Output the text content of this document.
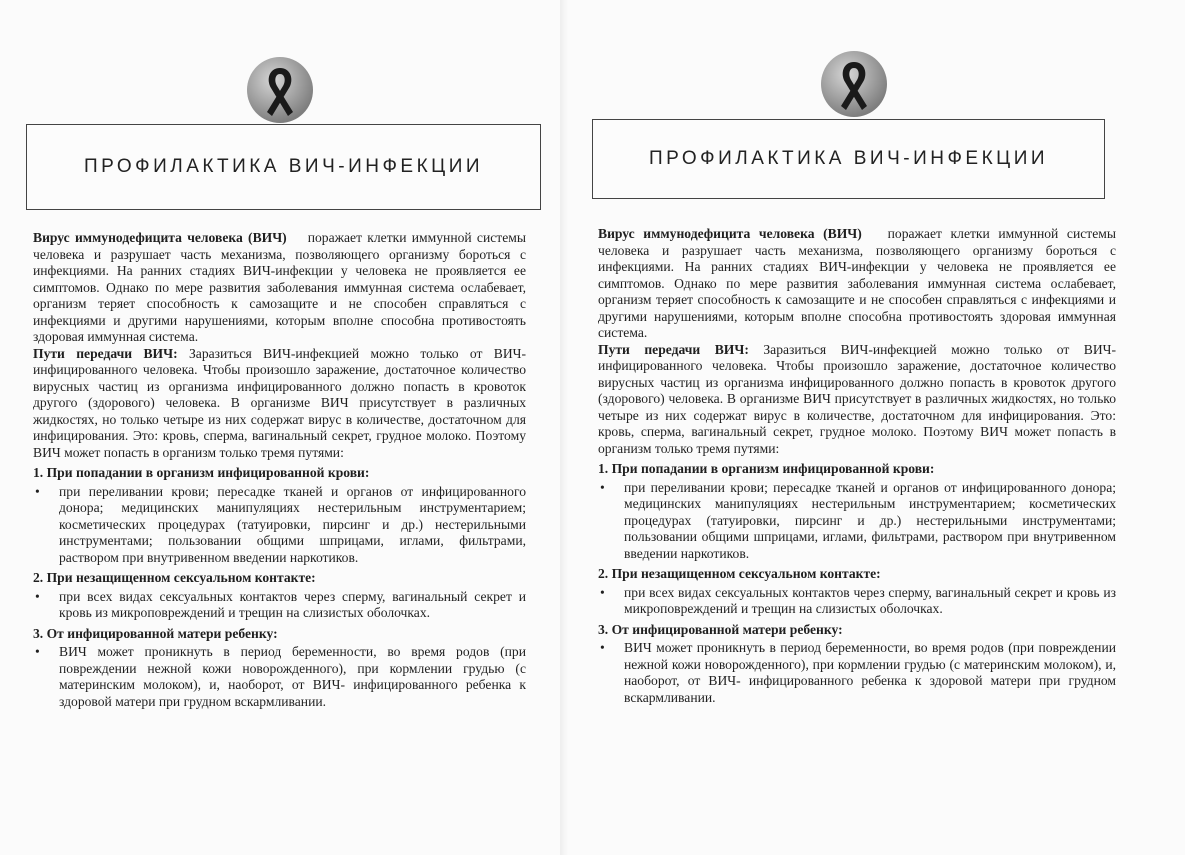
ПРОФИЛАКТИКА ВИЧ-ИНФЕКЦИИ

Вирус иммунодефицита человека (ВИЧ) поражает клетки иммунной системы человека и разрушает часть механизма, позволяющего организму бороться с инфекциями. На ранних стадиях ВИЧ-инфекции у человека не проявляется ее симптомов. Однако по мере развития заболевания иммунная система ослабевает, организм теряет способность к самозащите и не способен справляться с инфекциями и другими нарушениями, которым вполне способна противостоять здоровая иммунная система.

Пути передачи ВИЧ: Заразиться ВИЧ-инфекцией можно только от ВИЧ-инфицированного человека. Чтобы произошло заражение, достаточное количество вирусных частиц из организма инфицированного должно попасть в кровоток другого (здорового) человека. В организме ВИЧ присутствует в различных жидкостях, но только четыре из них содержат вирус в количестве, достаточном для инфицирования. Это: кровь, сперма, вагинальный секрет, грудное молоко. Поэтому ВИЧ может попасть в организм только тремя путями:

1. При попадании в организм инфицированной крови:
• при переливании крови; пересадке тканей и органов от инфицированного донора; медицинских манипуляциях нестерильным инструментарием; косметических процедурах (татуировки, пирсинг и др.) нестерильными инструментами; пользовании общими шприцами, иглами, фильтрами, раствором при внутривенном введении наркотиков.
2. При незащищенном сексуальном контакте:
• при всех видах сексуальных контактов через сперму, вагинальный секрет и кровь из микроповреждений и трещин на слизистых оболочках.
3. От инфицированной матери ребенку:
• ВИЧ может проникнуть в период беременности, во время родов (при повреждении нежной кожи новорожденного), при кормлении грудью (с материнским молоком), и, наоборот, от ВИЧ- инфицированного ребенка к здоровой матери при грудном вскармливании.
ПРОФИЛАКТИКА ВИЧ-ИНФЕКЦИИ

Вирус иммунодефицита человека (ВИЧ) поражает клетки иммунной системы человека и разрушает часть механизма, позволяющего организму бороться с инфекциями. На ранних стадиях ВИЧ-инфекции у человека не проявляется ее симптомов. Однако по мере развития заболевания иммунная система ослабевает, организм теряет способность к самозащите и не способен справляться с инфекциями и другими нарушениями, которым вполне способна противостоять здоровая иммунная система.

Пути передачи ВИЧ: Заразиться ВИЧ-инфекцией можно только от ВИЧ-инфицированного человека. Чтобы произошло заражение, достаточное количество вирусных частиц из организма инфицированного должно попасть в кровоток другого (здорового) человека. В организме ВИЧ присутствует в различных жидкостях, но только четыре из них содержат вирус в количестве, достаточном для инфицирования. Это: кровь, сперма, вагинальный секрет, грудное молоко. Поэтому ВИЧ может попасть в организм только тремя путями:

1. При попадании в организм инфицированной крови:
• при переливании крови; пересадке тканей и органов от инфицированного донора; медицинских манипуляциях нестерильным инструментарием; косметических процедурах (татуировки, пирсинг и др.) нестерильными инструментами; пользовании общими шприцами, иглами, фильтрами, раствором при внутривенном введении наркотиков.
2. При незащищенном сексуальном контакте:
• при всех видах сексуальных контактов через сперму, вагинальный секрет и кровь из микроповреждений и трещин на слизистых оболочках.
3. От инфицированной матери ребенку:
• ВИЧ может проникнуть в период беременности, во время родов (при повреждении нежной кожи новорожденного), при кормлении грудью (с материнским молоком), и, наоборот, от ВИЧ- инфицированного ребенка к здоровой матери при грудном вскармливании.
